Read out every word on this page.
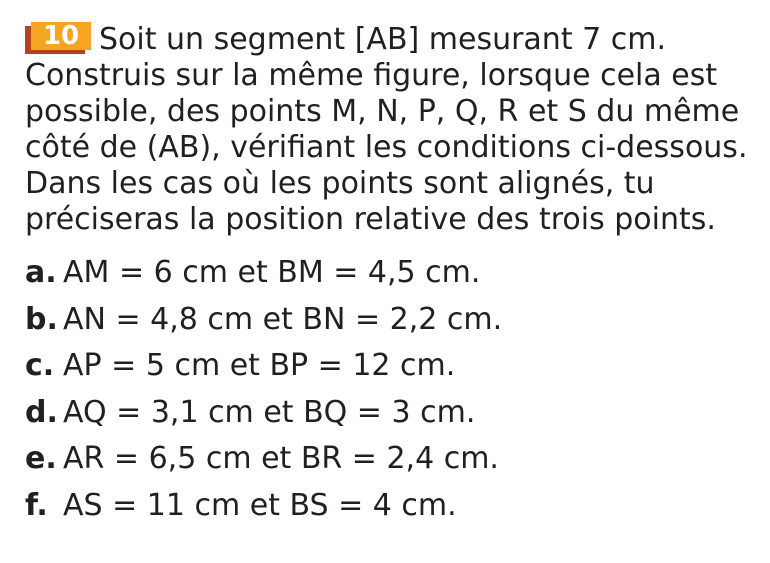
10 Soit un segment [AB] mesurant 7 cm. Construis sur la même figure, lorsque cela est possible, des points M, N, P, Q, R et S du même côté de (AB), vérifiant les conditions ci-dessous. Dans les cas où les points sont alignés, tu préciseras la position relative des trois points.

a. AM = 6 cm et BM = 4,5 cm.
b. AN = 4,8 cm et BN = 2,2 cm.
c. AP = 5 cm et BP = 12 cm.
d. AQ = 3,1 cm et BQ = 3 cm.
e. AR = 6,5 cm et BR = 2,4 cm.
f. AS = 11 cm et BS = 4 cm.
